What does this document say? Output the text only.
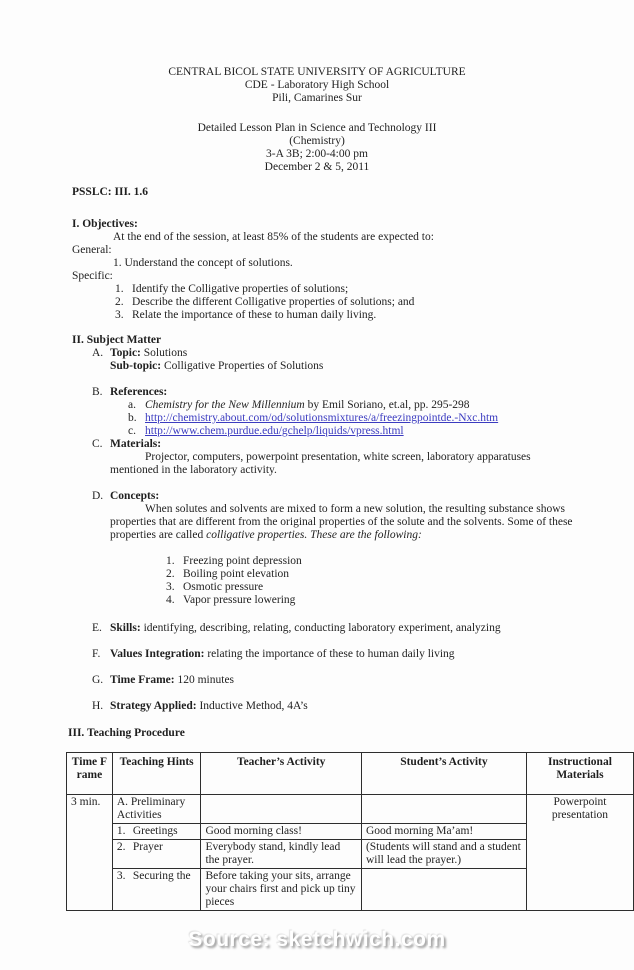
CENTRAL BICOL STATE UNIVERSITY OF AGRICULTURE
CDE - Laboratory High School
Pili, Camarines Sur
Detailed Lesson Plan in Science and Technology III
(Chemistry)
3-A 3B; 2:00-4:00 pm
December 2 & 5, 2011
PSSLC: III. 1.6
I. Objectives:
At the end of the session, at least 85% of the students are expected to:
General:
1. Understand the concept of solutions.
Specific:
1. Identify the Colligative properties of solutions;
2. Describe the different Colligative properties of solutions; and
3. Relate the importance of these to human daily living.
II. Subject Matter
A. Topic: Solutions
Sub-topic: Colligative Properties of Solutions
B. References:
a. Chemistry for the New Millennium by Emil Soriano, et.al, pp. 295-298
b. http://chemistry.about.com/od/solutionsmixtures/a/freezingpointde.-Nxc.htm
c. http://www.chem.purdue.edu/gchelp/liquids/vpress.html
C. Materials:
Projector, computers, powerpoint presentation, white screen, laboratory apparatuses mentioned in the laboratory activity.
D. Concepts:
When solutes and solvents are mixed to form a new solution, the resulting substance shows properties that are different from the original properties of the solute and the solvents. Some of these properties are called colligative properties. These are the following:
1. Freezing point depression
2. Boiling point elevation
3. Osmotic pressure
4. Vapor pressure lowering
E. Skills: identifying, describing, relating, conducting laboratory experiment, analyzing
F. Values Integration: relating the importance of these to human daily living
G. Time Frame: 120 minutes
H. Strategy Applied: Inductive Method, 4A’s
III. Teaching Procedure
Time Frame	Teaching Hints	Teacher’s Activity	Student’s Activity	Instructional Materials
3 min.	A. Preliminary Activities			Powerpoint presentation
	1. Greetings	Good morning class!	Good morning Ma’am!	
	2. Prayer	Everybody stand, kindly lead the prayer.	(Students will stand and a student will lead the prayer.)	
	3. Securing the	Before taking your sits, arrange your chairs first and pick up tiny pieces		
Source: sketchwich.com
